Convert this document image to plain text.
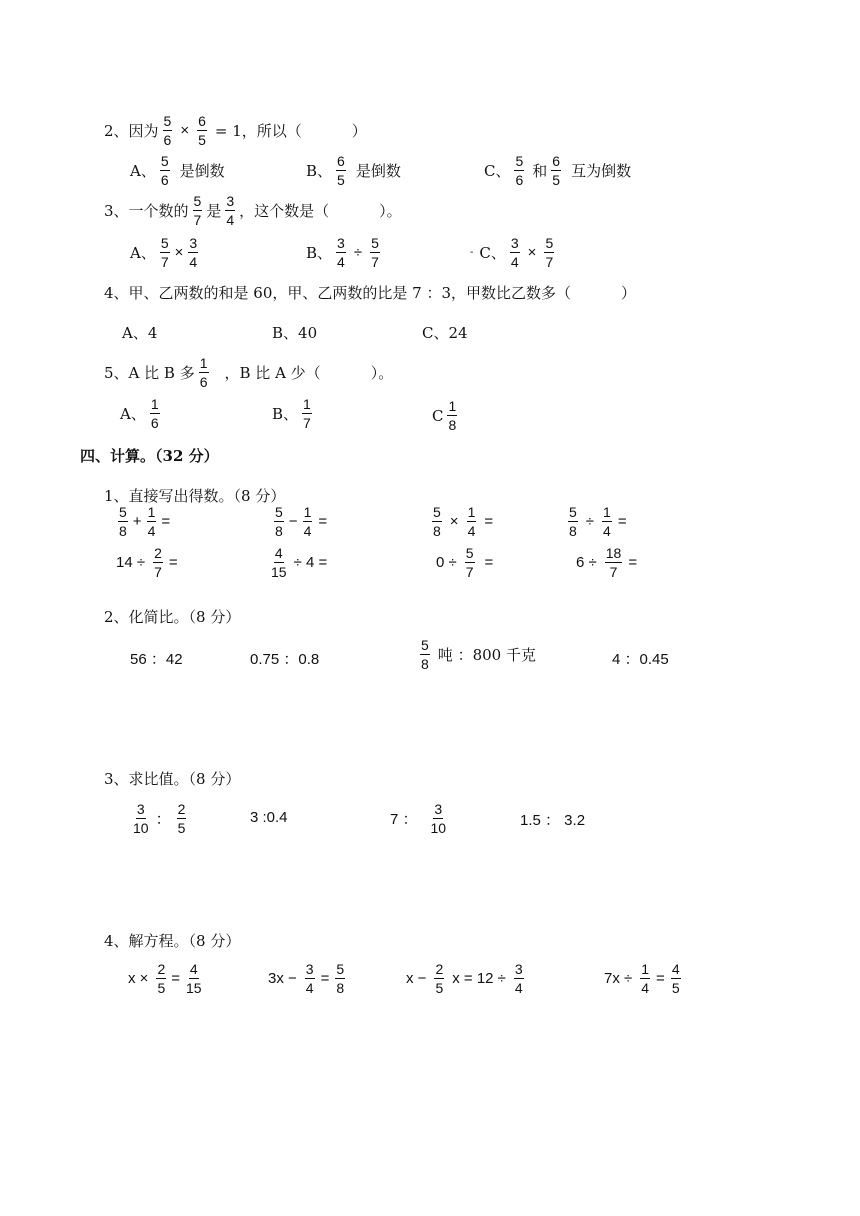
2、因为 $\frac{5}{6} \times \frac{6}{5} = 1$，所以（	）
A、 $\frac{5}{6}$ 是倒数	B、 $\frac{6}{5}$ 是倒数	C、 $\frac{5}{6}$ 和 $\frac{6}{5}$ 互为倒数
3、一个数的 $\frac{5}{7}$ 是 $\frac{3}{4}$ ，这个数是（	）。
A、 $\frac{5}{7} \times \frac{3}{4}$	B、 $\frac{3}{4} \div \frac{5}{7}$	- C、 $\frac{3}{4} \times \frac{5}{7}$
4、甲、乙两数的和是 60，甲、乙两数的比是 7 ：3，甲数比乙数多（	）
A、4	B、40	C、24
5、A 比 B 多 $\frac{1}{6}$ ，B 比 A 少（	）。
A、 $\frac{1}{6}$	B、 $\frac{1}{7}$	C $\frac{1}{8}$
四、计算。（32 分）
1、直接写出得数。（8 分）
$\frac{5}{8} + \frac{1}{4}$ =	$\frac{5}{8} - \frac{1}{4}$ =	$\frac{5}{8} \times \frac{1}{4}$ =	$\frac{5}{8} \div \frac{1}{4}$ =
$14 \div \frac{2}{7}$ =	$\frac{4}{15} \div 4$ =	$0 \div \frac{5}{7}$ =	$6 \div \frac{18}{7}$ =
2、化简比。（8 分）
56 ：42	0.75 ：0.8	$\frac{5}{8}$ 吨 ：800 千克	4 ：0.45
3、求比值。（8 分）
$\frac{3}{10}$ ： $\frac{2}{5}$	3 :0.4	7 ： $\frac{3}{10}$	1.5 ： 3.2
4、解方程。（8 分）
$x \times \frac{2}{5} = \frac{4}{15}$	$3x - \frac{3}{4} = \frac{5}{8}$	$x - \frac{2}{5}$ $x = 12 \div \frac{3}{4}$	$7x \div \frac{1}{4} = \frac{4}{5}$
